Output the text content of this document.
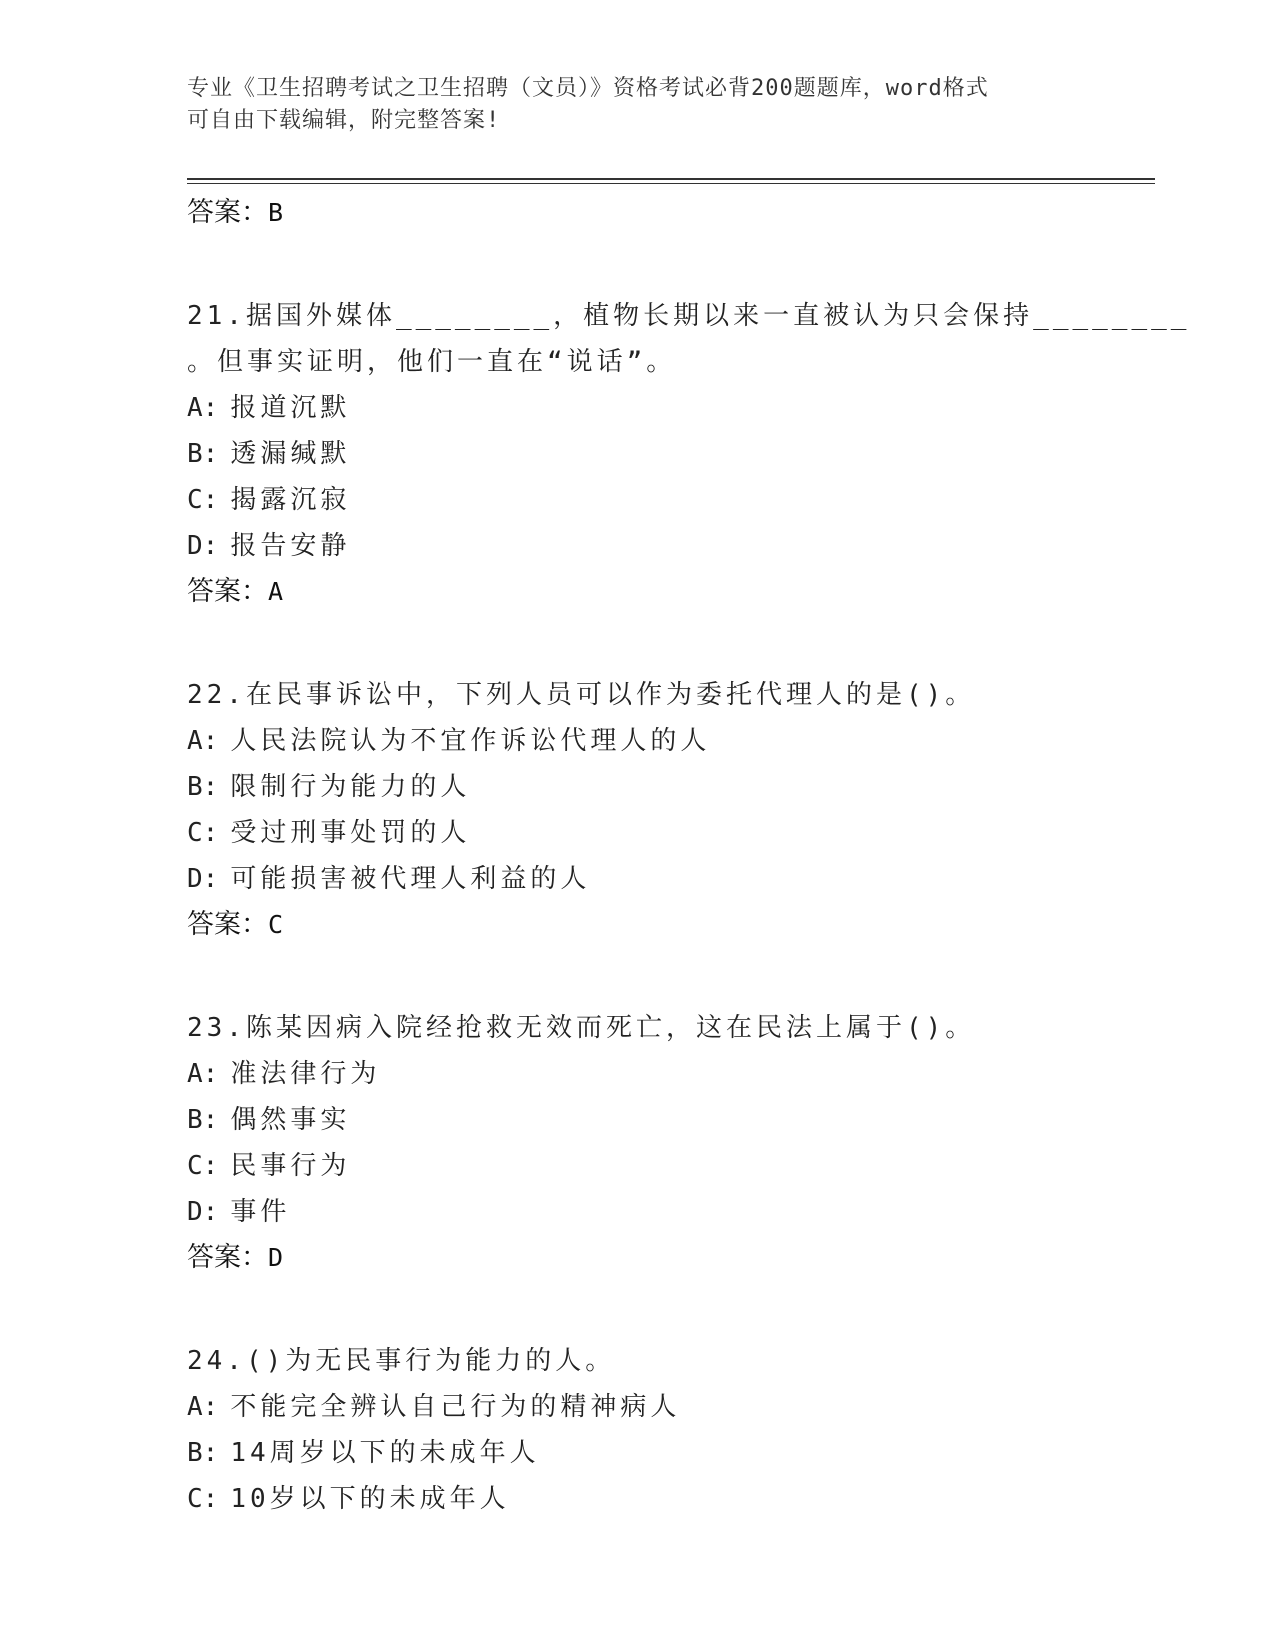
专业《卫生招聘考试之卫生招聘（文员）》资格考试必背200题题库，word格式
可自由下载编辑，附完整答案!
答案：B
21.据国外媒体________，植物长期以来一直被认为只会保持________
。但事实证明，他们一直在“说话”。
A: 报道沉默
B: 透漏缄默
C: 揭露沉寂
D: 报告安静
答案：A
22.在民事诉讼中，下列人员可以作为委托代理人的是()。
A: 人民法院认为不宜作诉讼代理人的人
B: 限制行为能力的人
C: 受过刑事处罚的人
D: 可能损害被代理人利益的人
答案：C
23.陈某因病入院经抢救无效而死亡，这在民法上属于()。
A: 准法律行为
B: 偶然事实
C: 民事行为
D: 事件
答案：D
24.()为无民事行为能力的人。
A: 不能完全辨认自己行为的精神病人
B: 14周岁以下的未成年人
C: 10岁以下的未成年人
